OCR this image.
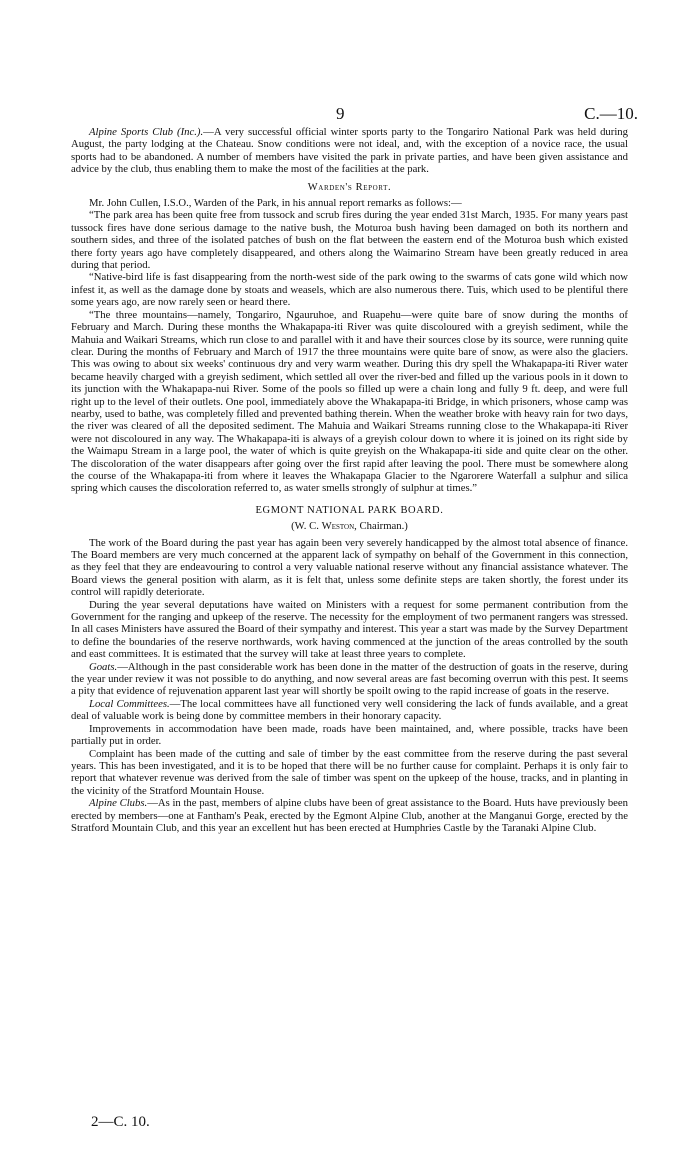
9	C.—10.

Alpine Sports Club (Inc.).—A very successful official winter sports party to the Tongariro National Park was held during August, the party lodging at the Chateau. Snow conditions were not ideal, and, with the exception of a novice race, the usual sports had to be abandoned. A number of members have visited the park in private parties, and have been given assistance and advice by the club, thus enabling them to make the most of the facilities at the park.

Warden's Report.

Mr. John Cullen, I.S.O., Warden of the Park, in his annual report remarks as follows:—

“The park area has been quite free from tussock and scrub fires during the year ended 31st March, 1935. For many years past tussock fires have done serious damage to the native bush, the Moturoa bush having been damaged on both its northern and southern sides, and three of the isolated patches of bush on the flat between the eastern end of the Moturoa bush which existed there forty years ago have completely disappeared, and others along the Waimarino Stream have been greatly reduced in area during that period.

“Native-bird life is fast disappearing from the north-west side of the park owing to the swarms of cats gone wild which now infest it, as well as the damage done by stoats and weasels, which are also numerous there. Tuis, which used to be plentiful there some years ago, are now rarely seen or heard there.

“The three mountains—namely, Tongariro, Ngauruhoe, and Ruapehu—were quite bare of snow during the months of February and March. During these months the Whakapapa-iti River was quite discoloured with a greyish sediment, while the Mahuia and Waikari Streams, which run close to and parallel with it and have their sources close by its source, were running quite clear. During the months of February and March of 1917 the three mountains were quite bare of snow, as were also the glaciers. This was owing to about six weeks' continuous dry and very warm weather. During this dry spell the Whakapapa-iti River water became heavily charged with a greyish sediment, which settled all over the river-bed and filled up the various pools in it down to its junction with the Whakapapa-nui River. Some of the pools so filled up were a chain long and fully 9 ft. deep, and were full right up to the level of their outlets. One pool, immediately above the Whakapapa-iti Bridge, in which prisoners, whose camp was nearby, used to bathe, was completely filled and prevented bathing therein. When the weather broke with heavy rain for two days, the river was cleared of all the deposited sediment. The Mahuia and Waikari Streams running close to the Whakapapa-iti River were not discoloured in any way. The Whakapapa-iti is always of a greyish colour down to where it is joined on its right side by the Waimapu Stream in a large pool, the water of which is quite greyish on the Whakapapa-iti side and quite clear on the other. The discoloration of the water disappears after going over the first rapid after leaving the pool. There must be somewhere along the course of the Whakapapa-iti from where it leaves the Whakapapa Glacier to the Ngarorere Waterfall a sulphur and silica spring which causes the discoloration referred to, as water smells strongly of sulphur at times.”

EGMONT NATIONAL PARK BOARD.

(W. C. Weston, Chairman.)

The work of the Board during the past year has again been very severely handicapped by the almost total absence of finance. The Board members are very much concerned at the apparent lack of sympathy on behalf of the Government in this connection, as they feel that they are endeavouring to control a very valuable national reserve without any financial assistance whatever. The Board views the general position with alarm, as it is felt that, unless some definite steps are taken shortly, the forest under its control will rapidly deteriorate.

During the year several deputations have waited on Ministers with a request for some permanent contribution from the Government for the ranging and upkeep of the reserve. The necessity for the employment of two permanent rangers was stressed. In all cases Ministers have assured the Board of their sympathy and interest. This year a start was made by the Survey Department to define the boundaries of the reserve northwards, work having commenced at the junction of the areas controlled by the south and east committees. It is estimated that the survey will take at least three years to complete.

Goats.—Although in the past considerable work has been done in the matter of the destruction of goats in the reserve, during the year under review it was not possible to do anything, and now several areas are fast becoming overrun with this pest. It seems a pity that evidence of rejuvenation apparent last year will shortly be spoilt owing to the rapid increase of goats in the reserve.

Local Committees.—The local committees have all functioned very well considering the lack of funds available, and a great deal of valuable work is being done by committee members in their honorary capacity.

Improvements in accommodation have been made, roads have been maintained, and, where possible, tracks have been partially put in order.

Complaint has been made of the cutting and sale of timber by the east committee from the reserve during the past several years. This has been investigated, and it is to be hoped that there will be no further cause for complaint. Perhaps it is only fair to report that whatever revenue was derived from the sale of timber was spent on the upkeep of the house, tracks, and in planting in the vicinity of the Stratford Mountain House.

Alpine Clubs.—As in the past, members of alpine clubs have been of great assistance to the Board. Huts have previously been erected by members—one at Fantham's Peak, erected by the Egmont Alpine Club, another at the Manganui Gorge, erected by the Stratford Mountain Club, and this year an excellent hut has been erected at Humphries Castle by the Taranaki Alpine Club.

2—C. 10.
